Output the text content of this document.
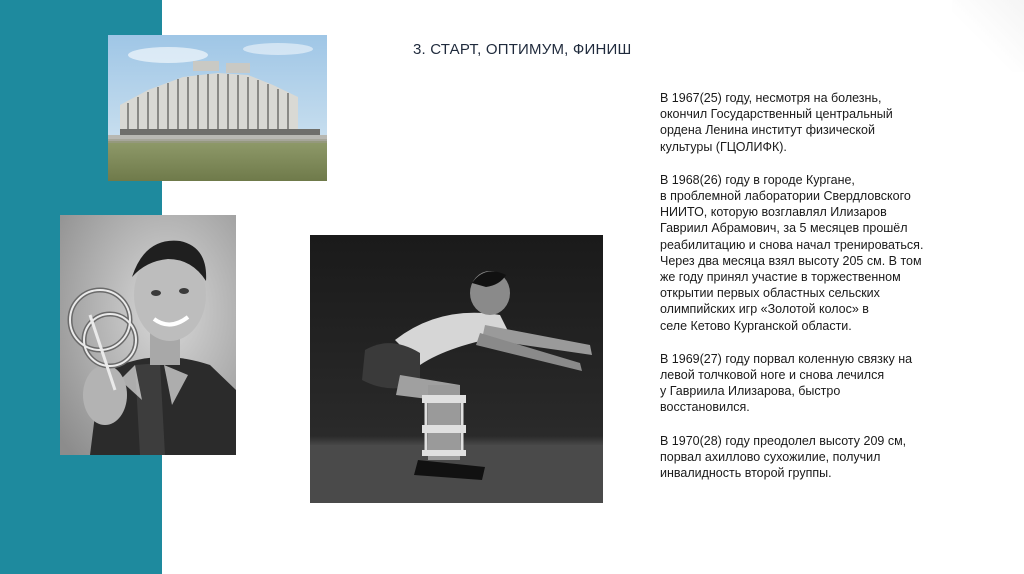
3. СТАРТ, ОПТИМУМ, ФИНИШ

В 1967(25) году, несмотря на болезнь,
окончил Государственный центральный
ордена Ленина институт физической
культуры (ГЦОЛИФК).

В 1968(26) году в городе Кургане,
в проблемной лаборатории Свердловского
НИИТО, которую возглавлял Илизаров
Гавриил Абрамович, за 5 месяцев прошёл
реабилитацию и снова начал тренироваться.
Через два месяца взял высоту 205 см. В том
же году принял участие в торжественном
открытии первых областных сельских
олимпийских игр «Золотой колос» в
селе Кетово Курганской области.

В 1969(27) году порвал коленную связку на
левой толчковой ноге и снова лечился
у Гавриила Илизарова, быстро
восстановился.

В 1970(28) году преодолел высоту 209 см,
порвал ахиллово сухожилие, получил
инвалидность второй группы.
